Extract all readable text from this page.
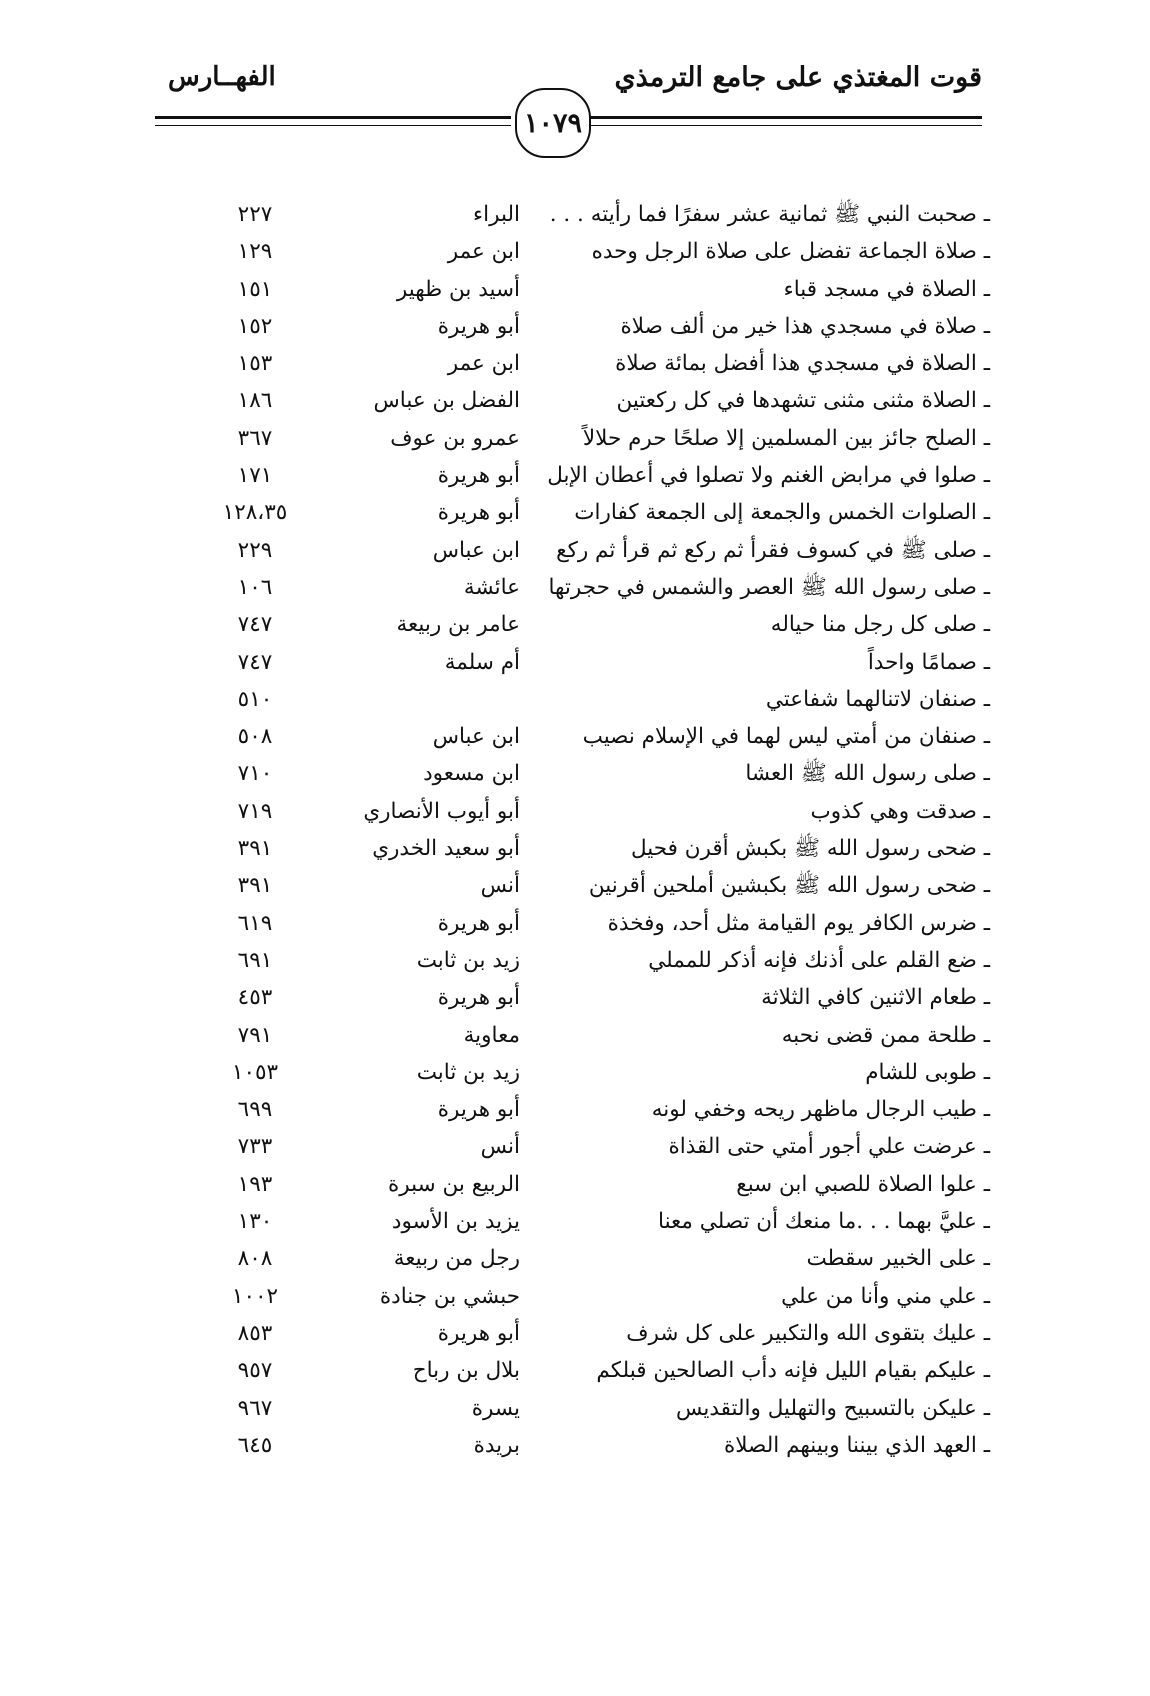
قوت المغتذي على جامع الترمذي
الفهــارس
١٠٧٩
ـ صحبت النبي ﷺ ثمانية عشر سفرًا فما رأيته . . .
البراء
٢٢٧
ـ صلاة الجماعة تفضل على صلاة الرجل وحده
ابن عمر
١٢٩
ـ الصلاة في مسجد قباء
أسيد بن ظهير
١٥١
ـ صلاة في مسجدي هذا خير من ألف صلاة
أبو هريرة
١٥٢
ـ الصلاة في مسجدي هذا أفضل بمائة صلاة
ابن عمر
١٥٣
ـ الصلاة مثنى مثنى تشهدها في كل ركعتين
الفضل بن عباس
١٨٦
ـ الصلح جائز بين المسلمين إلا صلحًا حرم حلالاً
عمرو بن عوف
٣٦٧
ـ صلوا في مرابض الغنم ولا تصلوا في أعطان الإبل
أبو هريرة
١٧١
ـ الصلوات الخمس والجمعة إلى الجمعة كفارات
أبو هريرة
١٢٨،٣٥
ـ صلى ﷺ في كسوف فقرأ ثم ركع ثم قرأ ثم ركع
ابن عباس
٢٢٩
ـ صلى رسول الله ﷺ العصر والشمس في حجرتها
عائشة
١٠٦
ـ صلى كل رجل منا حياله
عامر بن ربيعة
٧٤٧
ـ صمامًا واحداً
أم سلمة
٧٤٧
ـ صنفان لاتنالهما شفاعتي
٥١٠
ـ صنفان من أمتي ليس لهما في الإسلام نصيب
ابن عباس
٥٠٨
ـ صلى رسول الله ﷺ العشا
ابن مسعود
٧١٠
ـ صدقت وهي كذوب
أبو أيوب الأنصاري
٧١٩
ـ ضحى رسول الله ﷺ بكبش أقرن فحيل
أبو سعيد الخدري
٣٩١
ـ ضحى رسول الله ﷺ بكبشين أملحين أقرنين
أنس
٣٩١
ـ ضرس الكافر يوم القيامة مثل أحد، وفخذة
أبو هريرة
٦١٩
ـ ضع القلم على أذنك فإنه أذكر للمملي
زيد بن ثابت
٦٩١
ـ طعام الاثنين كافي الثلاثة
أبو هريرة
٤٥٣
ـ طلحة ممن قضى نحبه
معاوية
٧٩١
ـ طوبى للشام
زيد بن ثابت
١٠٥٣
ـ طيب الرجال ماظهر ريحه وخفي لونه
أبو هريرة
٦٩٩
ـ عرضت علي أجور أمتي حتى القذاة
أنس
٧٣٣
ـ علوا الصلاة للصبي ابن سبع
الربيع بن سبرة
١٩٣
ـ عليَّ بهما . . .ما منعك أن تصلي معنا
يزيد بن الأسود
١٣٠
ـ على الخبير سقطت
رجل من ربيعة
٨٠٨
ـ علي مني وأنا من علي
حبشي بن جنادة
١٠٠٢
ـ عليك بتقوى الله والتكبير على كل شرف
أبو هريرة
٨٥٣
ـ عليكم بقيام الليل فإنه دأب الصالحين قبلكم
بلال بن رباح
٩٥٧
ـ عليكن بالتسبيح والتهليل والتقديس
يسرة
٩٦٧
ـ العهد الذي بيننا وبينهم الصلاة
بريدة
٦٤٥
